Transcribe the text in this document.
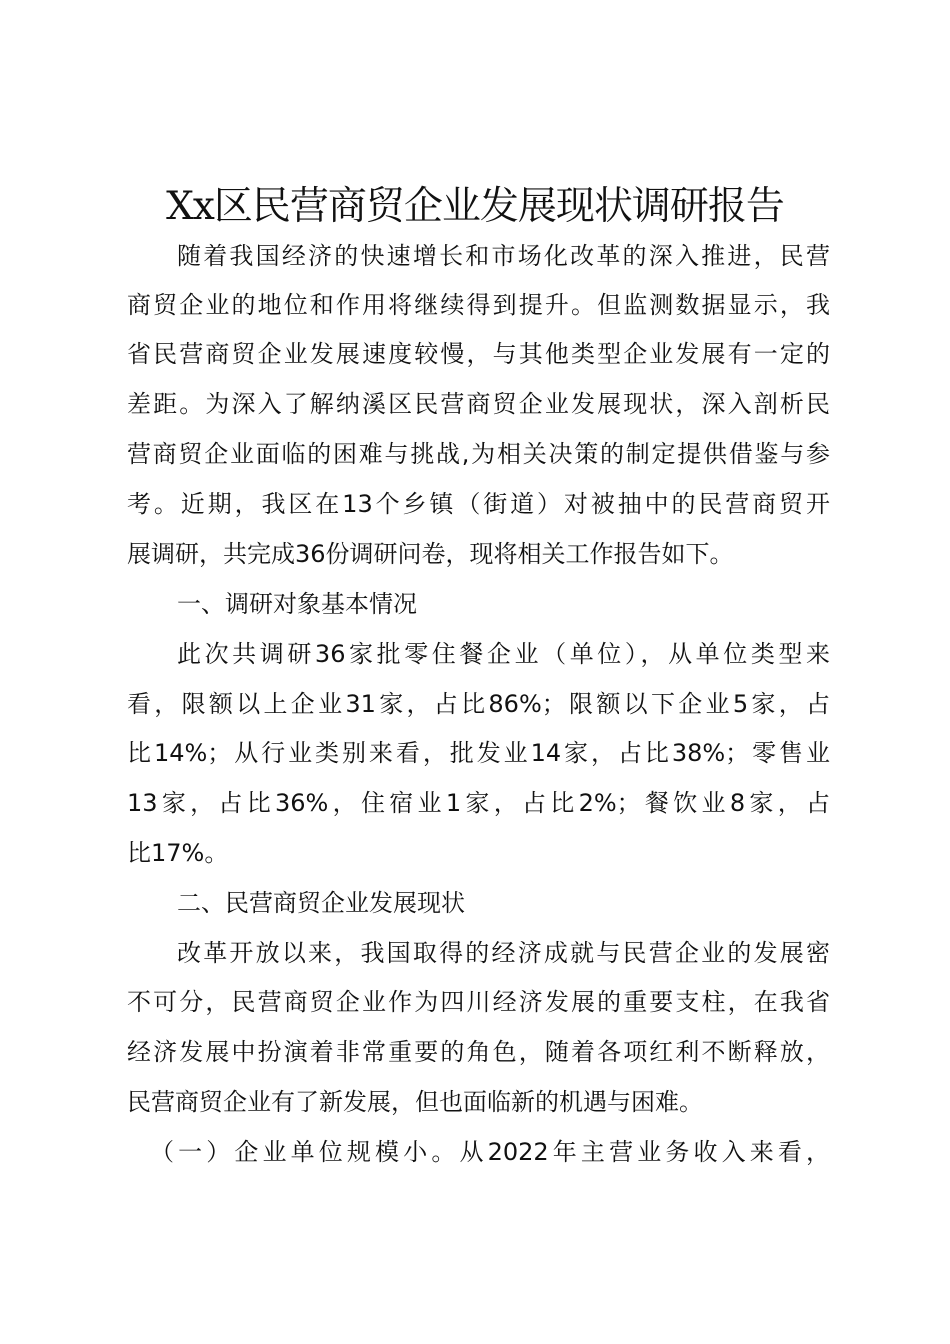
Xx区民营商贸企业发展现状调研报告
随着我国经济的快速增长和市场化改革的深入推进，民营
商贸企业的地位和作用将继续得到提升。但监测数据显示，我
省民营商贸企业发展速度较慢，与其他类型企业发展有一定的
差距。为深入了解纳溪区民营商贸企业发展现状，深入剖析民
营商贸企业面临的困难与挑战,为相关决策的制定提供借鉴与参
考。近期，我区在13个乡镇（街道）对被抽中的民营商贸开
展调研，共完成36份调研问卷，现将相关工作报告如下。
一、调研对象基本情况
此次共调研36家批零住餐企业（单位），从单位类型来
看，限额以上企业31家，占比86%；限额以下企业5家，占
比14%；从行业类别来看，批发业14家，占比38%；零售业
13家，占比36%，住宿业1家，占比2%；餐饮业8家，占
比17%。
二、民营商贸企业发展现状
改革开放以来，我国取得的经济成就与民营企业的发展密
不可分，民营商贸企业作为四川经济发展的重要支柱，在我省
经济发展中扮演着非常重要的角色，随着各项红利不断释放，
民营商贸企业有了新发展，但也面临新的机遇与困难。
（一）企业单位规模小。从2022年主营业务收入来看，
